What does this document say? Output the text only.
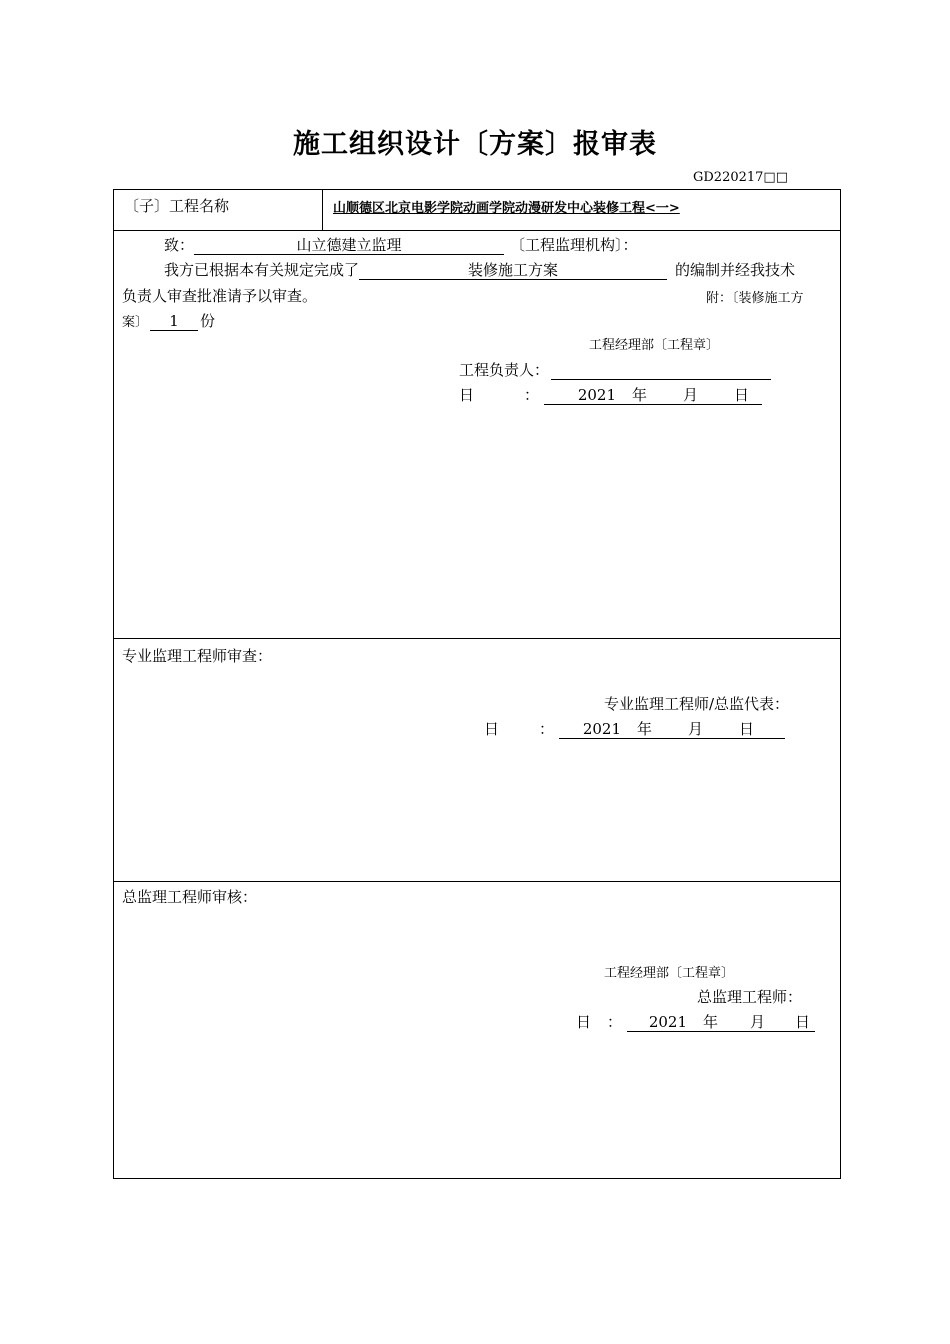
施工组织设计〔方案〕报审表
GD220217□□
〔子〕工程名称	山顺德区北京电影学院动画学院动漫研发中心装修工程<一>
致：	山立德建立监理	〔工程监理机构〕：
我方已根据本有关规定完成了	装修施工方案	的编制并经我技术
负责人审查批准请予以审查。	附：〔装修施工方
案〕 1 份
工程经理部〔工程章〕
工程负责人：
日	：	2021 年 月 日
专业监理工程师审查：
专业监理工程师/总监代表：
日	： 2021 年 月 日
总监理工程师审核：
工程经理部〔工程章〕
总监理工程师：
日 ： 2021 年 月 日
